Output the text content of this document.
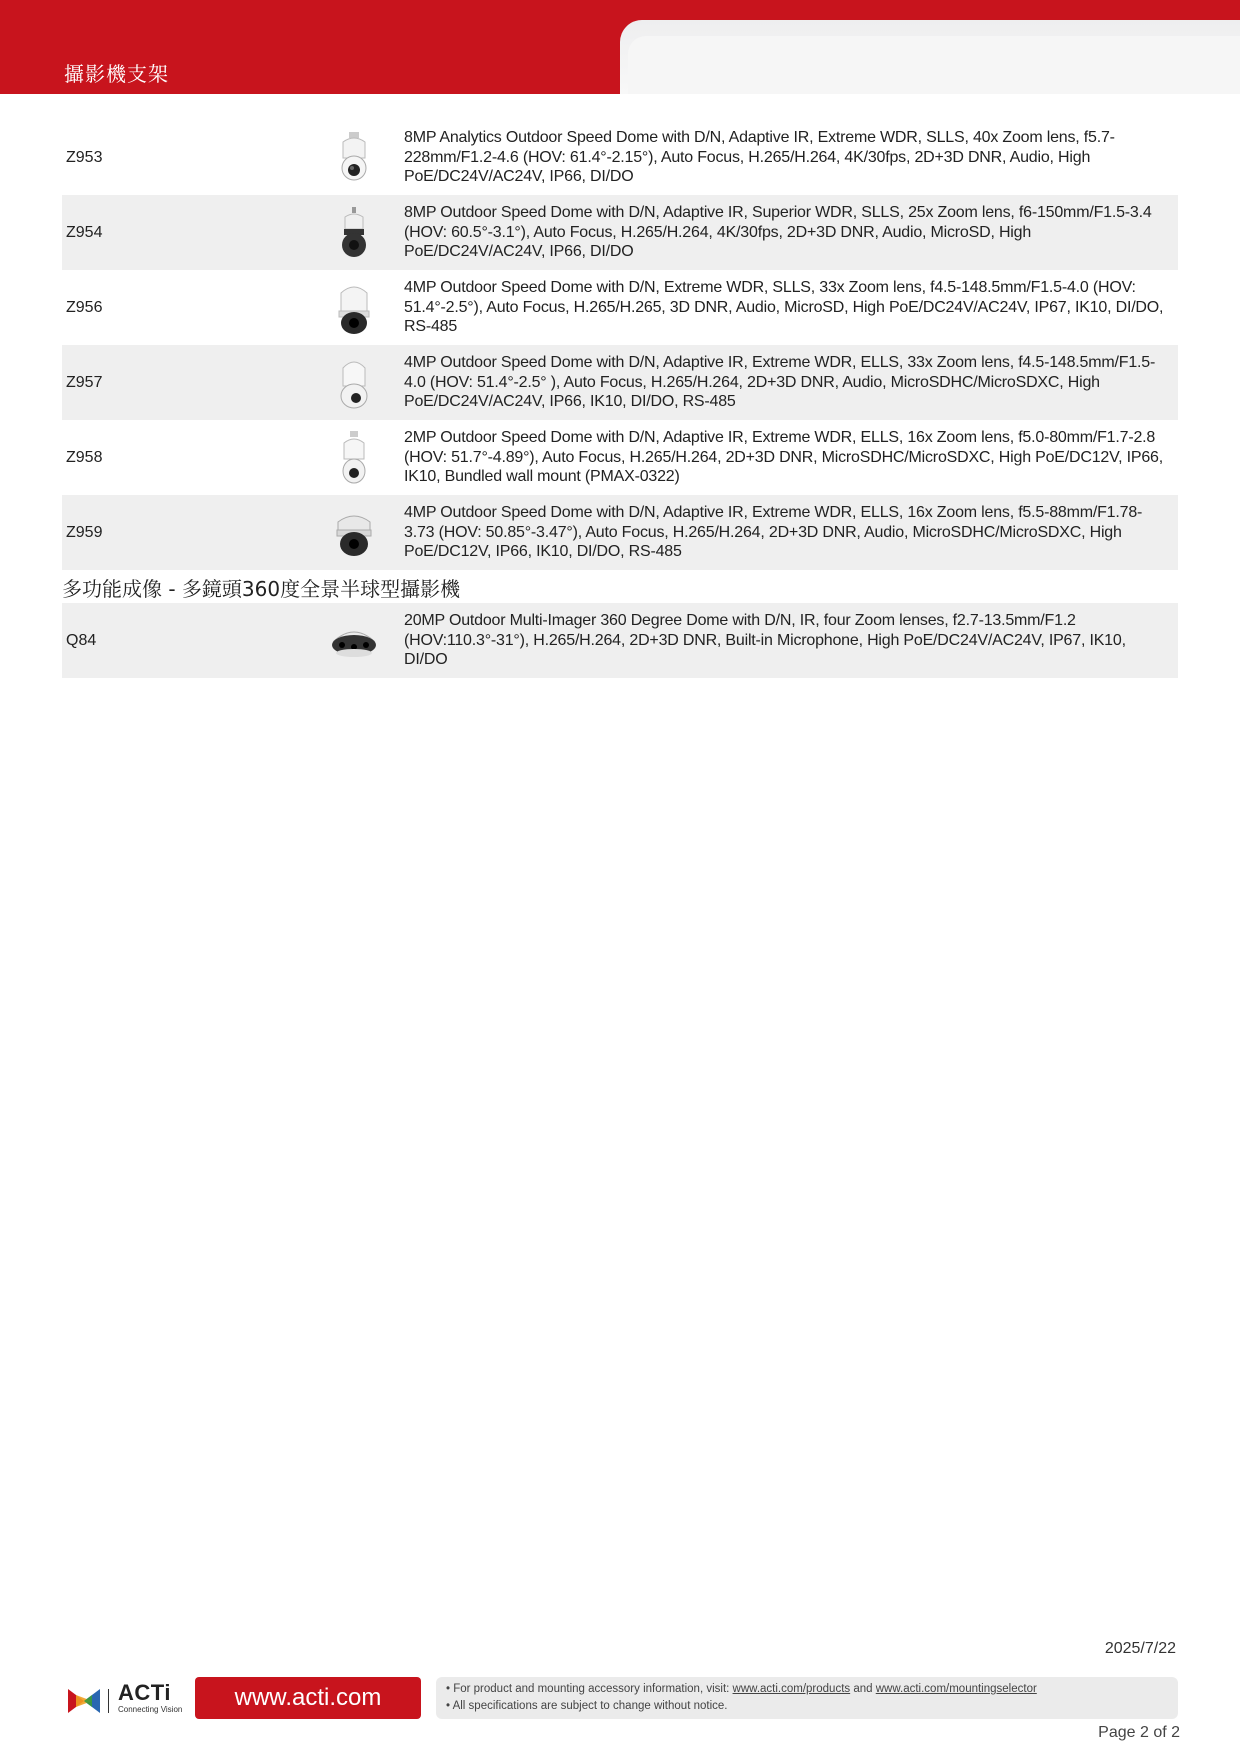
攝影機支架
Z953
8MP Analytics Outdoor Speed Dome with D/N, Adaptive IR, Extreme WDR, SLLS, 40x Zoom lens, f5.7-228mm/F1.2-4.6 (HOV: 61.4°-2.15°), Auto Focus, H.265/H.264, 4K/30fps, 2D+3D DNR, Audio, High PoE/DC24V/AC24V, IP66, DI/DO
Z954
8MP Outdoor Speed Dome with D/N, Adaptive IR, Superior WDR, SLLS, 25x Zoom lens, f6-150mm/F1.5-3.4 (HOV: 60.5°-3.1°), Auto Focus, H.265/H.264, 4K/30fps, 2D+3D DNR, Audio, MicroSD, High PoE/DC24V/AC24V, IP66, DI/DO
Z956
4MP Outdoor Speed Dome with D/N, Extreme WDR, SLLS, 33x Zoom lens, f4.5-148.5mm/F1.5-4.0 (HOV: 51.4°-2.5°), Auto Focus, H.265/H.265, 3D DNR, Audio, MicroSD, High PoE/DC24V/AC24V, IP67, IK10, DI/DO, RS-485
Z957
4MP Outdoor Speed Dome with D/N, Adaptive IR, Extreme WDR, ELLS, 33x Zoom lens, f4.5-148.5mm/F1.5-4.0 (HOV: 51.4°-2.5° ), Auto Focus, H.265/H.264, 2D+3D DNR, Audio, MicroSDHC/MicroSDXC, High PoE/DC24V/AC24V, IP66, IK10, DI/DO, RS-485
Z958
2MP Outdoor Speed Dome with D/N, Adaptive IR, Extreme WDR, ELLS, 16x Zoom lens, f5.0-80mm/F1.7-2.8 (HOV: 51.7°-4.89°), Auto Focus, H.265/H.264, 2D+3D DNR, MicroSDHC/MicroSDXC, High PoE/DC12V, IP66, IK10, Bundled wall mount (PMAX-0322)
Z959
4MP Outdoor Speed Dome with D/N, Adaptive IR, Extreme WDR, ELLS, 16x Zoom lens, f5.5-88mm/F1.78-3.73 (HOV: 50.85°-3.47°), Auto Focus, H.265/H.264, 2D+3D DNR, Audio, MicroSDHC/MicroSDXC, High PoE/DC12V, IP66, IK10, DI/DO, RS-485
多功能成像 - 多鏡頭360度全景半球型攝影機
Q84
20MP Outdoor Multi-Imager 360 Degree Dome with D/N, IR, four Zoom lenses, f2.7-13.5mm/F1.2 (HOV:110.3°-31°), H.265/H.264, 2D+3D DNR, Built-in Microphone, High PoE/DC24V/AC24V, IP67, IK10, DI/DO
2025/7/22
ACTi
Connecting Vision	www.acti.com	• For product and mounting accessory information, visit: www.acti.com/products and www.acti.com/mountingselector
• All specifications are subject to change without notice.
Page 2 of 2
